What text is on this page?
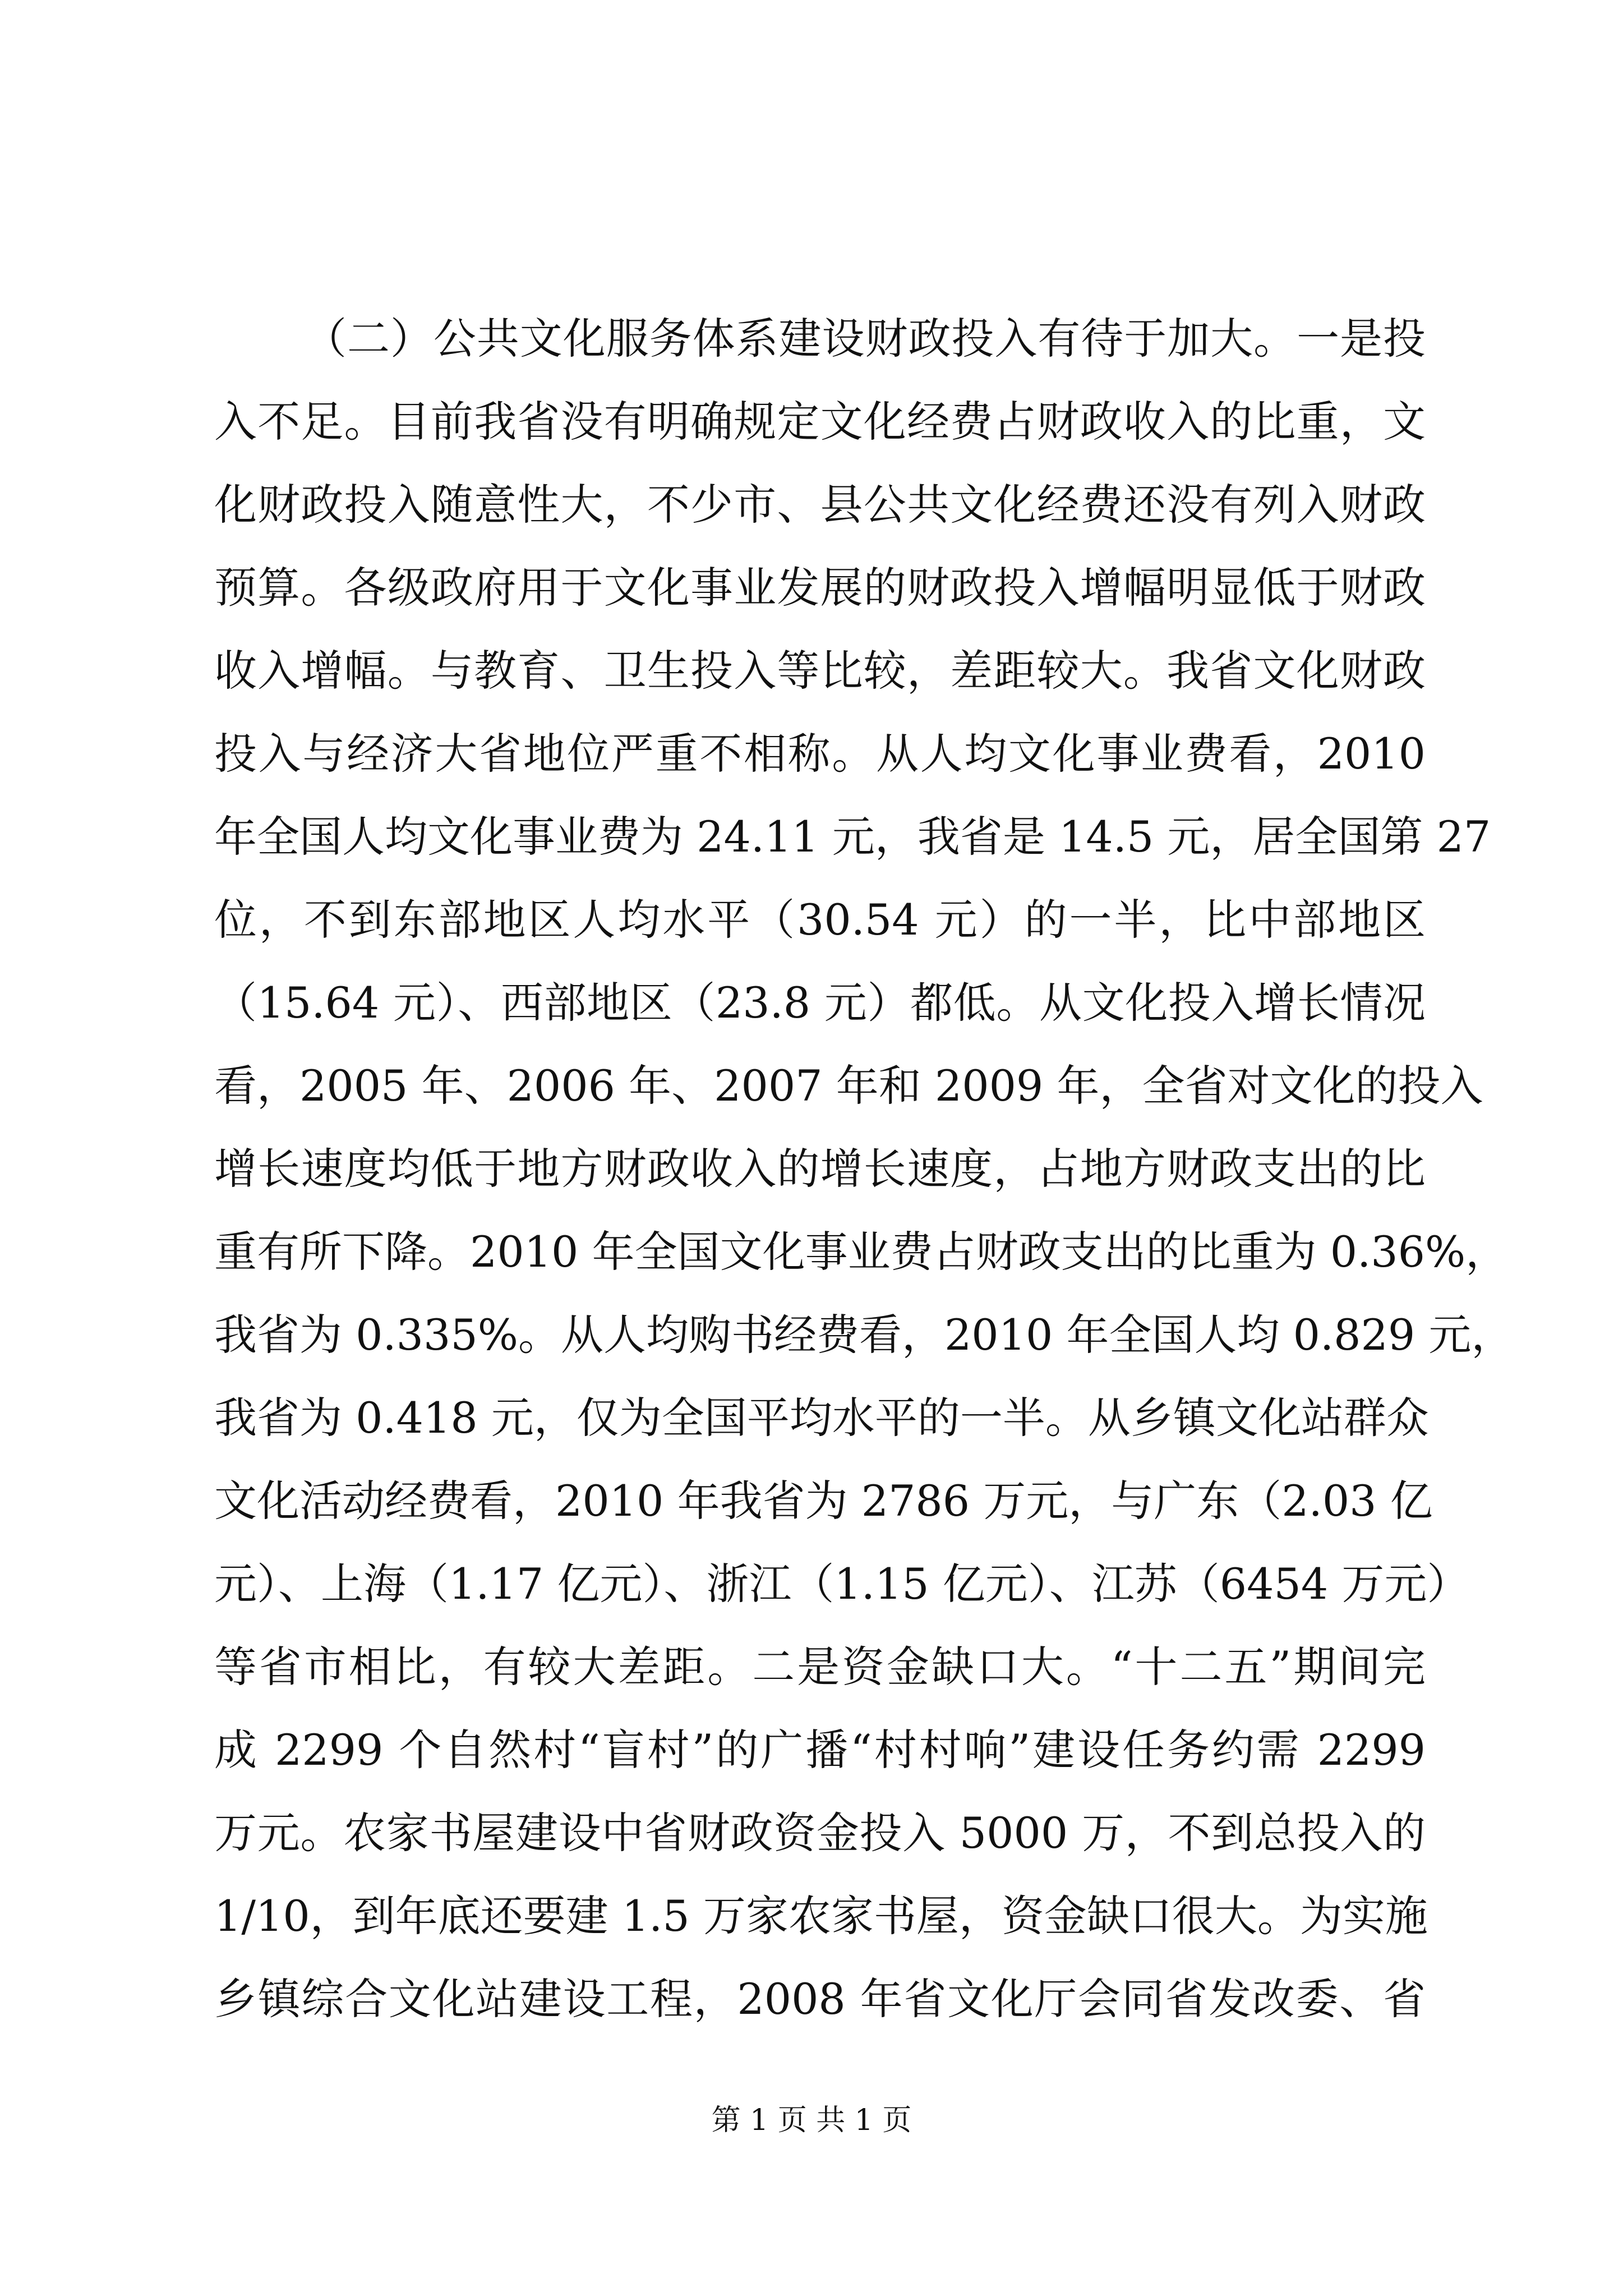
（二）公共文化服务体系建设财政投入有待于加大。一是投
入不足。目前我省没有明确规定文化经费占财政收入的比重，文
化财政投入随意性大，不少市、县公共文化经费还没有列入财政
预算。各级政府用于文化事业发展的财政投入增幅明显低于财政
收入增幅。与教育、卫生投入等比较，差距较大。我省文化财政
投入与经济大省地位严重不相称。从人均文化事业费看，2010
年全国人均文化事业费为 24.11 元，我省是 14.5 元，居全国第 27
位，不到东部地区人均水平（30.54 元）的一半，比中部地区
（15.64 元）、西部地区（23.8 元）都低。从文化投入增长情况
看，2005 年、2006 年、2007 年和 2009 年，全省对文化的投入
增长速度均低于地方财政收入的增长速度，占地方财政支出的比
重有所下降。2010 年全国文化事业费占财政支出的比重为 0.36%，
我省为 0.335%。从人均购书经费看，2010 年全国人均 0.829 元，
我省为 0.418 元，仅为全国平均水平的一半。从乡镇文化站群众
文化活动经费看，2010 年我省为 2786 万元，与广东（2.03 亿
元）、上海（1.17 亿元）、浙江（1.15 亿元）、江苏（6454 万元）
等省市相比，有较大差距。二是资金缺口大。“十二五”期间完
成 2299 个自然村“盲村”的广播“村村响”建设任务约需 2299
万元。农家书屋建设中省财政资金投入 5000 万，不到总投入的
1/10，到年底还要建 1.5 万家农家书屋，资金缺口很大。为实施
乡镇综合文化站建设工程，2008 年省文化厅会同省发改委、省
第 1 页 共 1 页
